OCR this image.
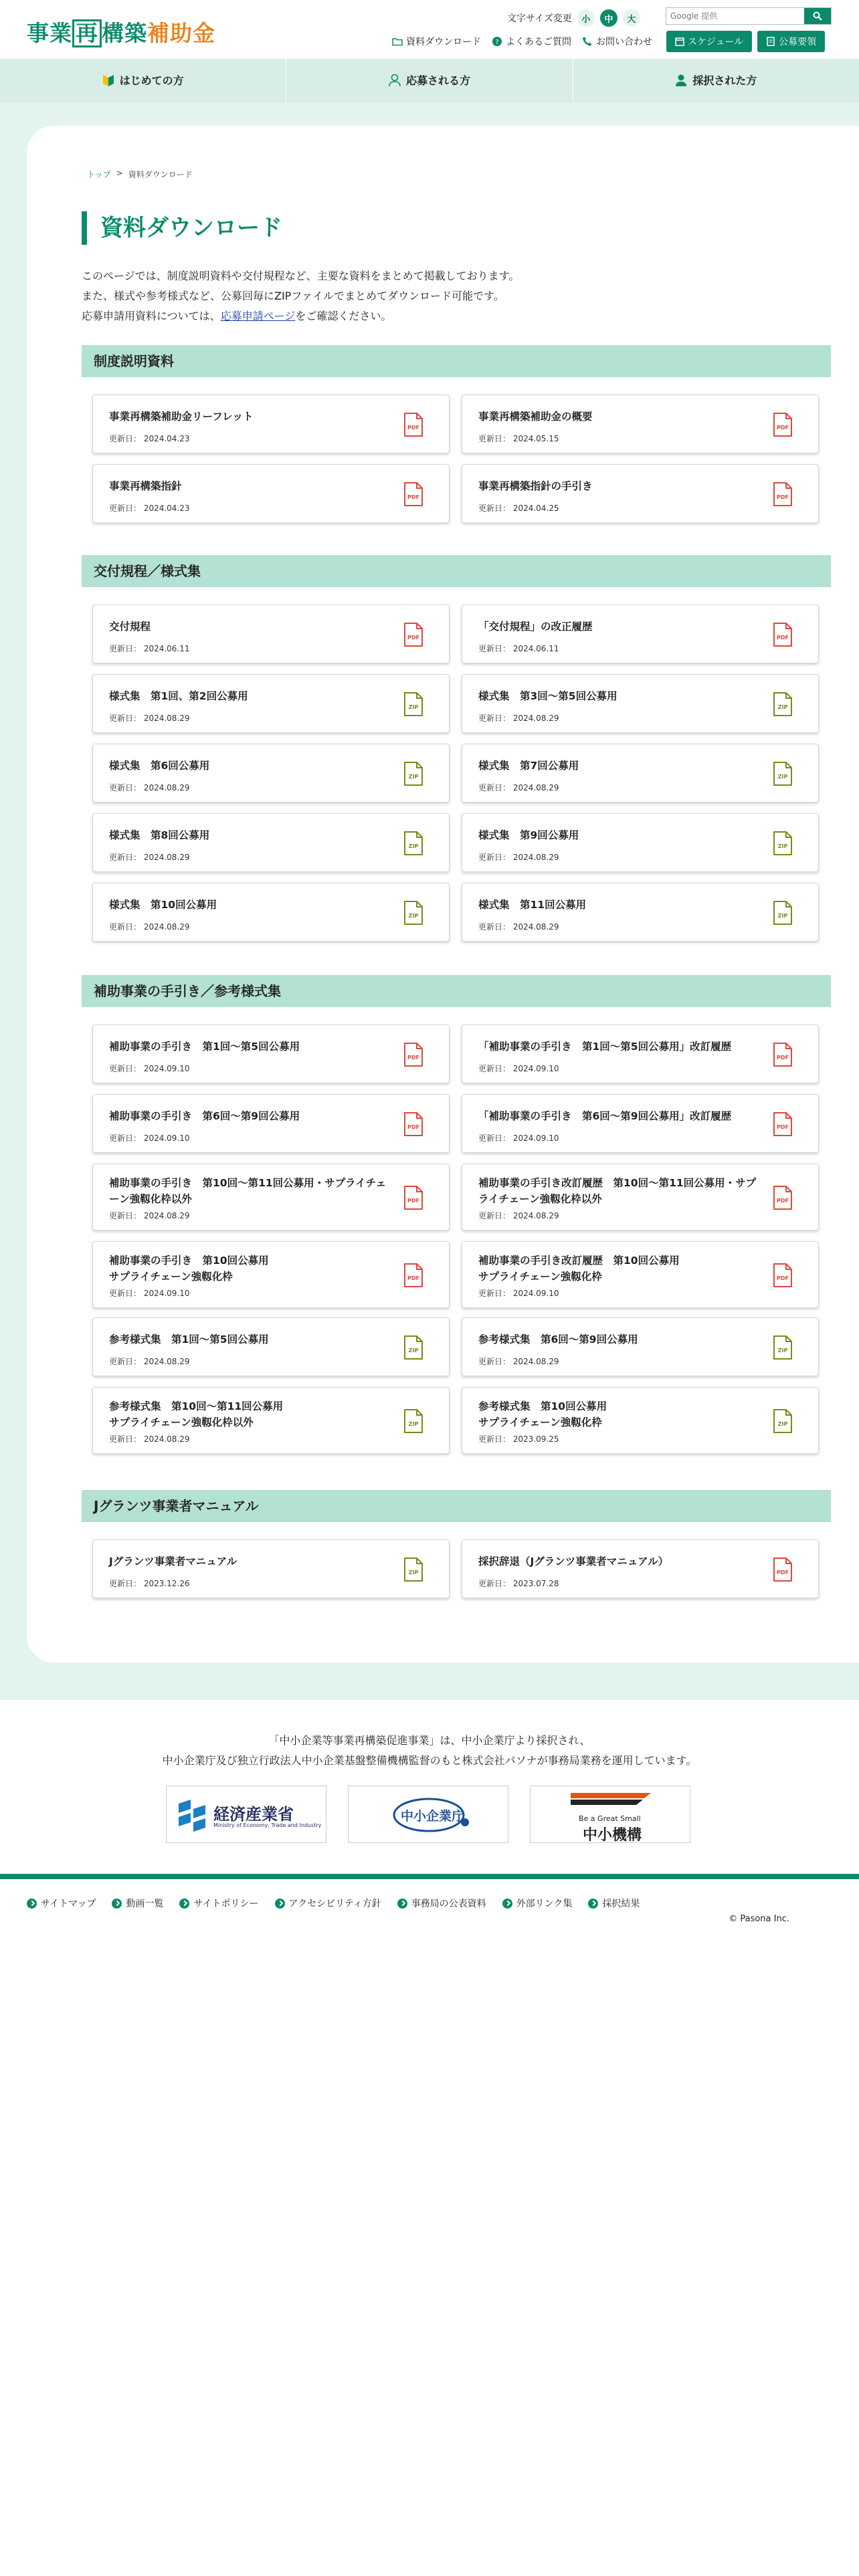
事業 再 構築補助金
文字サイズ変更	小	中	大
Google 提供
資料ダウンロード ? よくあるご質問	お問い合わせ	スケジュール	公募要領
はじめての方	応募される方	採択された方
トップ > 資料ダウンロード
資料ダウンロード
このページでは、制度説明資料や交付規程など、主要な資料をまとめて掲載しております。
また、様式や参考様式など、公募回毎にZIPファイルでまとめてダウンロード可能です。
応募申請用資料については、応募申請ページをご確認ください。
制度説明資料
事業再構築補助金リーフレット
更新日： 2024.04.23
PDF
事業再構築補助金の概要
更新日： 2024.05.15
PDF
事業再構築指針
更新日： 2024.04.23
PDF
事業再構築指針の手引き
更新日： 2024.04.25
PDF
交付規程／様式集
交付規程
更新日： 2024.06.11
PDF
「交付規程」の改正履歴
更新日： 2024.06.11
PDF
様式集　第1回、第2回公募用
更新日： 2024.08.29
ZIP
様式集　第3回～第5回公募用
更新日： 2024.08.29
ZIP
様式集　第6回公募用
更新日： 2024.08.29
ZIP
様式集　第7回公募用
更新日： 2024.08.29
ZIP
様式集　第8回公募用
更新日： 2024.08.29
ZIP
様式集　第9回公募用
更新日： 2024.08.29
ZIP
様式集　第10回公募用
更新日： 2024.08.29
ZIP
様式集　第11回公募用
更新日： 2024.08.29
ZIP
補助事業の手引き／参考様式集
補助事業の手引き　第1回～第5回公募用
更新日： 2024.09.10
PDF
「補助事業の手引き　第1回～第5回公募用」改訂履歴
更新日： 2024.09.10
PDF
補助事業の手引き　第6回～第9回公募用
更新日： 2024.09.10
PDF
「補助事業の手引き　第6回～第9回公募用」改訂履歴
更新日： 2024.09.10
PDF
補助事業の手引き　第10回～第11回公募用・サプライチェーン強靱化枠以外
更新日： 2024.08.29
PDF
補助事業の手引き改訂履歴　第10回～第11回公募用・サプライチェーン強靱化枠以外
更新日： 2024.08.29
PDF
補助事業の手引き　第10回公募用
サプライチェーン強靱化枠
更新日： 2024.09.10
PDF
補助事業の手引き改訂履歴　第10回公募用
サプライチェーン強靱化枠
更新日： 2024.09.10
PDF
参考様式集　第1回～第5回公募用
更新日： 2024.08.29
ZIP
参考様式集　第6回～第9回公募用
更新日： 2024.08.29
ZIP
参考様式集　第10回～第11回公募用
サプライチェーン強靱化枠以外
更新日： 2024.08.29
ZIP
参考様式集　第10回公募用
サプライチェーン強靱化枠
更新日： 2023.09.25
ZIP
Jグランツ事業者マニュアル
Jグランツ事業者マニュアル
更新日： 2023.12.26
ZIP
採択辞退（Jグランツ事業者マニュアル）
更新日： 2023.07.28
PDF
「中小企業等事業再構築促進事業」は、中小企業庁より採択され、
中小企業庁及び独立行政法人中小企業基盤整備機構監督のもと株式会社パソナが事務局業務を運用しています。
経済産業省
Ministry of Economy, Trade and Industry
中小企業庁	Be a Great Small
中小機構
サイトマップ	動画一覧	サイトポリシー	アクセシビリティ方針	事務局の公表資料	外部リンク集	採択結果
© Pasona Inc.
